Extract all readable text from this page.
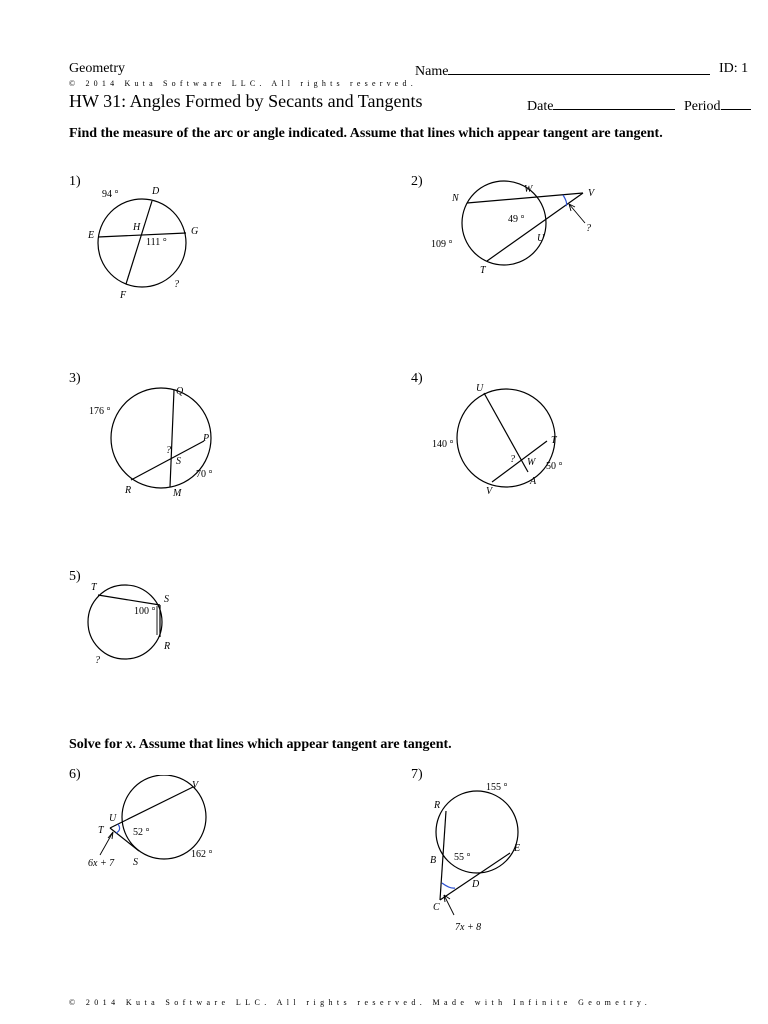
Geometry	Name	ID: 1
© 2014 Kuta Software LLC. All rights reserved.
HW 31: Angles Formed by Secants and Tangents	Date	Period
Find the measure of the arc or angle indicated. Assume that lines which appear tangent are tangent.
1)
94 °	D
E
H	G
111 °
?
F
2)
N
W	V
49 °
U
109 °
T
?
3)
176 °
Q
P
?
S
70 °
R	M
4)
U
140 °	T
? W 50 °
A
V
5)
T
S
100 °
R
?
Solve for x. Assume that lines which appear tangent are tangent.
6)
V
U
T	52 °
162 °
6x + 7 S
7)
155 °
R
E
B 55 °
D
C
7x + 8
© 2014 Kuta Software LLC. All rights reserved. Made with Infinite Geometry.
